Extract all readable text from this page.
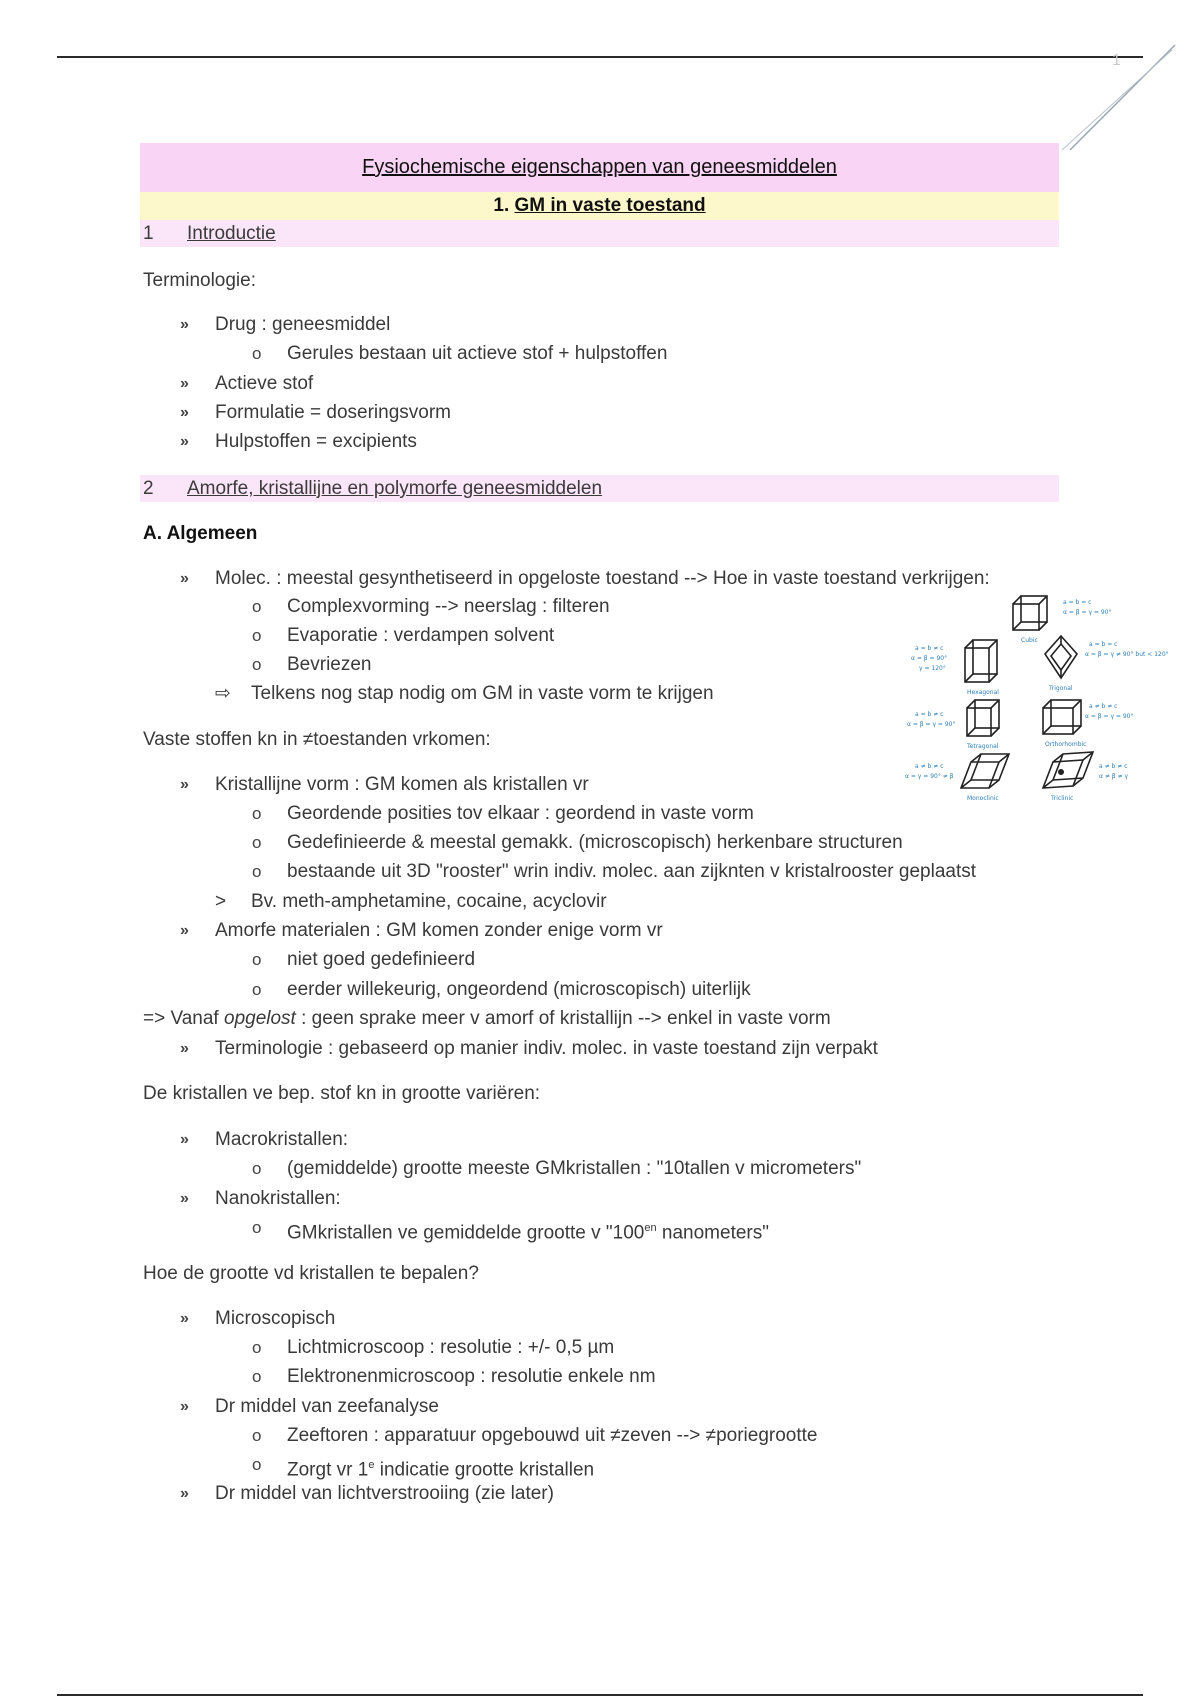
1
Fysiochemische eigenschappen van geneesmiddelen
1. GM in vaste toestand
1 Introductie
Terminologie:
» Drug : geneesmiddel
o Gerules bestaan uit actieve stof + hulpstoffen
» Actieve stof
» Formulatie = doseringsvorm
» Hulpstoffen = excipients
2 Amorfe, kristallijne en polymorfe geneesmiddelen
A. Algemeen
» Molec. : meestal gesynthetiseerd in opgeloste toestand --> Hoe in vaste toestand verkrijgen:
o Complexvorming --> neerslag : filteren
o Evaporatie : verdampen solvent
o Bevriezen
⇨ Telkens nog stap nodig om GM in vaste vorm te krijgen
Vaste stoffen kn in ≠toestanden vrkomen:
» Kristallijne vorm : GM komen als kristallen vr
o Geordende posities tov elkaar : geordend in vaste vorm
o Gedefinieerde & meestal gemakk. (microscopisch) herkenbare structuren
o bestaande uit 3D "rooster" wrin indiv. molec. aan zijknten v kristalrooster geplaatst
> Bv. meth-amphetamine, cocaine, acyclovir
» Amorfe materialen : GM komen zonder enige vorm vr
o niet goed gedefinieerd
o eerder willekeurig, ongeordend (microscopisch) uiterlijk
=> Vanaf opgelost : geen sprake meer v amorf of kristallijn --> enkel in vaste vorm
» Terminologie : gebaseerd op manier indiv. molec. in vaste toestand zijn verpakt
De kristallen ve bep. stof kn in grootte variëren:
» Macrokristallen:
o (gemiddelde) grootte meeste GMkristallen : "10tallen v micrometers"
» Nanokristallen:
o GMkristallen ve gemiddelde grootte v "$100^{en}$ nanometers"
Hoe de grootte vd kristallen te bepalen?
» Microscopisch
o Lichtmicroscoop : resolutie : +/- 0,5 µm
o Elektronenmicroscoop : resolutie enkele nm
» Dr middel van zeefanalyse
o Zeeftoren : apparatuur opgebouwd uit ≠zeven --> ≠poriegrootte
o Zorgt vr 1e indicatie grootte kristallen
» Dr middel van lichtverstrooiing (zie later)
Cubic
a = b = c
α = β = γ = 90°
Hexagonal
a = b ≠ c
α = β = 90°
γ = 120°
Trigonal
a = b = c
α = β = γ ≠ 90° but < 120°
Tetragonal
a = b ≠ c
α = β = γ = 90°
Orthorhombic
a ≠ b ≠ c
α = β = γ = 90°
Monoclinic
a ≠ b ≠ c
α = γ = 90° ≠ β
Triclinic
a ≠ b ≠ c
α ≠ β ≠ γ
